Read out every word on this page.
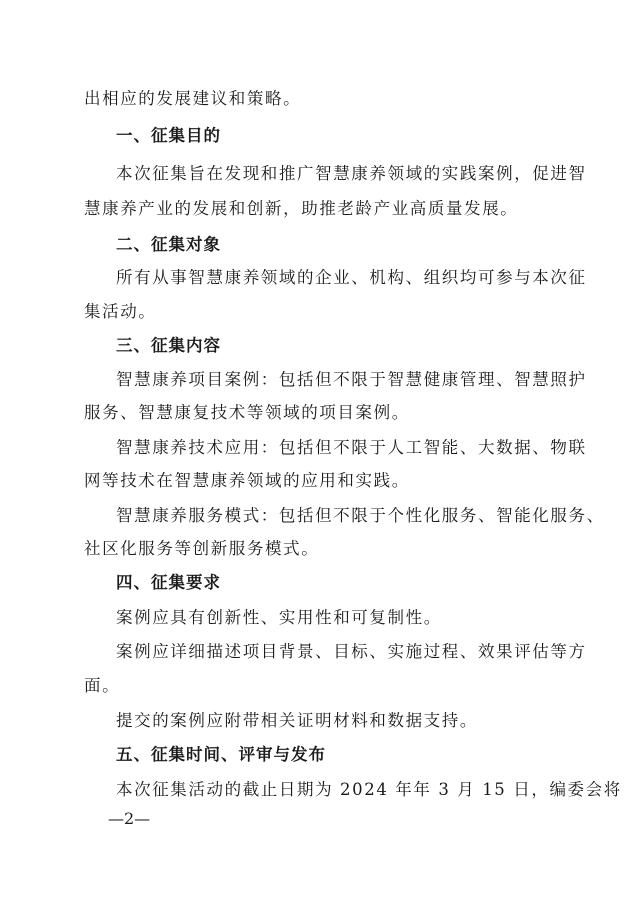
出相应的发展建议和策略。
一、征集目的
本次征集旨在发现和推广智慧康养领域的实践案例，促进智
慧康养产业的发展和创新，助推老龄产业高质量发展。
二、征集对象
所有从事智慧康养领域的企业、机构、组织均可参与本次征
集活动。
三、征集内容
智慧康养项目案例：包括但不限于智慧健康管理、智慧照护
服务、智慧康复技术等领域的项目案例。
智慧康养技术应用：包括但不限于人工智能、大数据、物联
网等技术在智慧康养领域的应用和实践。
智慧康养服务模式：包括但不限于个性化服务、智能化服务、
社区化服务等创新服务模式。
四、征集要求
案例应具有创新性、实用性和可复制性。
案例应详细描述项目背景、目标、实施过程、效果评估等方
面。
提交的案例应附带相关证明材料和数据支持。
五、征集时间、评审与发布
本次征集活动的截止日期为 2024 年年 3 月 15 日，编委会将
—2—
